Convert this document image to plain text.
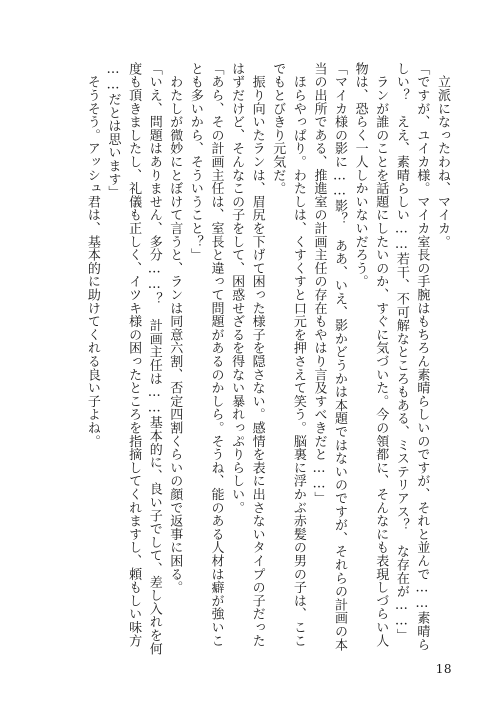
　立派になったわね、マイカ。
「ですが、ユイカ様。マイカ室長の手腕はもちろん素晴らしいのですが、それと並んで……素晴ら
しい？　ええ、素晴らしい……若干、不可解なところもある、ミステリアス？　な存在が……」
　ランが誰のことを話題にしたいのか、すぐに気づいた。今の領都に、そんなにも表現しづらい人
物は、恐らく一人しかいないだろう。
「マイカ様の影に……影？　ああ、いえ、影かどうかは本題ではないのですが、それらの計画の本
当の出所である、推進室の計画主任の存在もやはり言及すべきだと……」
　ほらやっぱり。わたしは、くすくすと口元を押さえて笑う。脳裏に浮かぶ赤髪の男の子は、ここ
でもとびきり元気だ。
　振り向いたランは、眉尻を下げて困った様子を隠さない。感情を表に出さないタイプの子だった
はずだけど、そんなこの子をして、困惑せざるを得ない暴れっぷりらしい。
「あら、その計画主任は、室長と違って問題があるのかしら。そうね、能のある人材は癖が強いこ
とも多いから、そういうこと？」
　わたしが微妙にとぼけて言うと、ランは同意六割、否定四割くらいの顔で返事に困る。
「いえ、問題はありません、多分……？　計画主任は……基本的に、良い子でして、差し入れを何
度も頂きましたし、礼儀も正しく、イツキ様の困ったところを指摘してくれますし、頼もしい味方
……だとは思います」
　そうそう。アッシュ君は、基本的に助けてくれる良い子よね。
18
